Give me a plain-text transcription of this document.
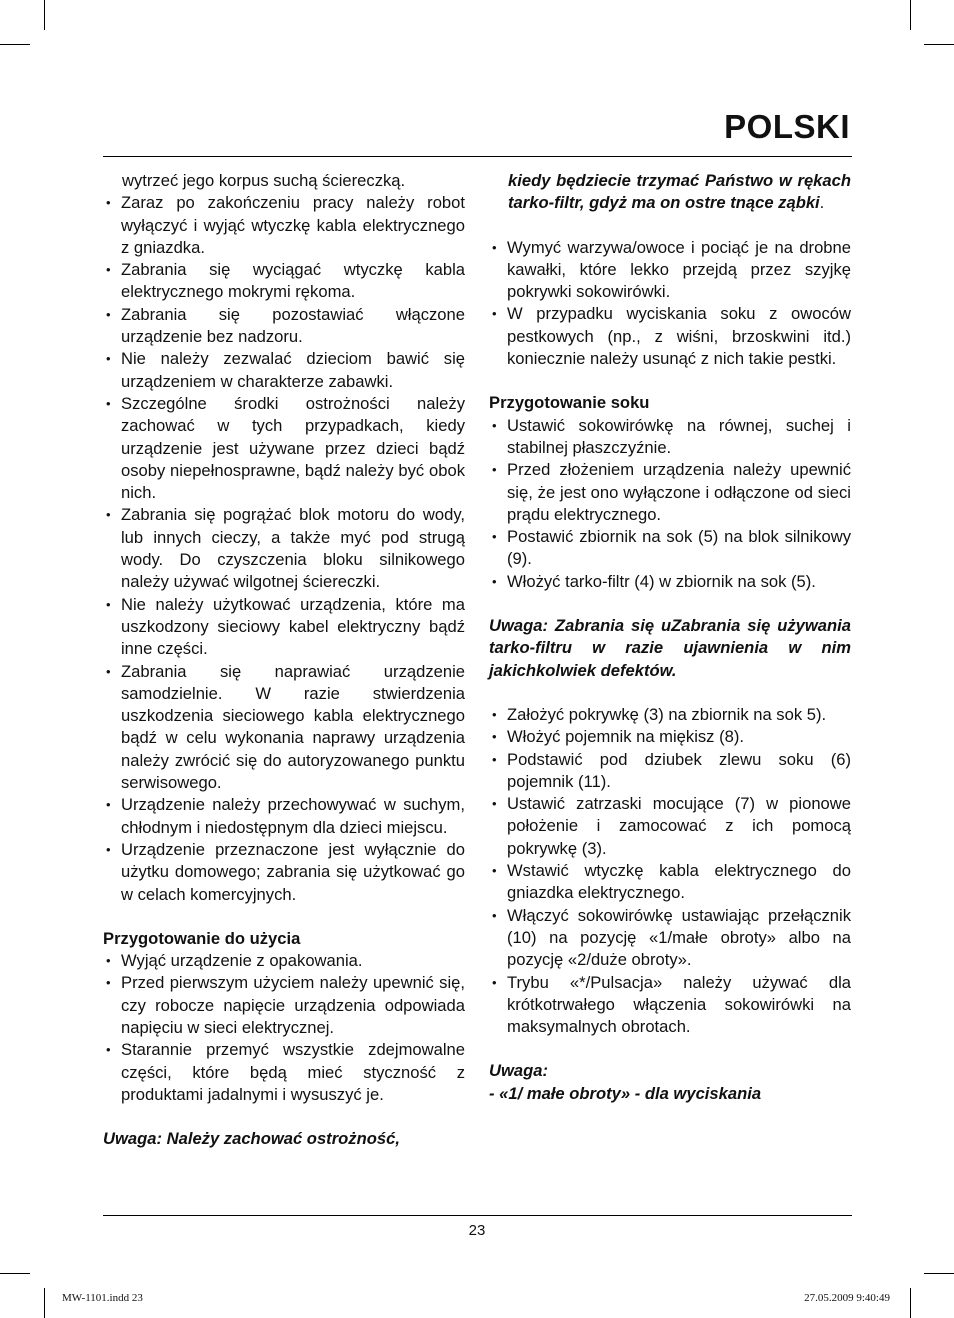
POLSKI

wytrzeć jego korpus suchą ściereczką.

• Zaraz po zakończeniu pracy należy robot wyłączyć i wyjąć wtyczkę kabla elektrycznego z gniazdka.
• Zabrania się wyciągać wtyczkę kabla elektrycznego mokrymi rękoma.
• Zabrania się pozostawiać włączone urządzenie bez nadzoru.
• Nie należy zezwalać dzieciom bawić się urządzeniem w charakterze zabawki.
• Szczególne środki ostrożności należy zachować w tych przypadkach, kiedy urządzenie jest używane przez dzieci bądź osoby niepełnosprawne, bądź należy być obok nich.
• Zabrania się pogrążać blok motoru do wody, lub innych cieczy, a także myć pod strugą wody. Do czyszczenia bloku silnikowego należy używać wilgotnej ściereczki.
• Nie należy użytkować urządzenia, które ma uszkodzony sieciowy kabel elektryczny bądź inne części.
• Zabrania się naprawiać urządzenie samodzielnie. W razie stwierdzenia uszkodzenia sieciowego kabla elektrycznego bądź w celu wykonania naprawy urządzenia należy zwrócić się do autoryzowanego punktu serwisowego.
• Urządzenie należy przechowywać w suchym, chłodnym i niedostępnym dla dzieci miejscu.
• Urządzenie przeznaczone jest wyłącznie do użytku domowego; zabrania się użytkować go w celach komercyjnych.
Przygotowanie do użycia
• Wyjąć urządzenie z opakowania.
• Przed pierwszym użyciem należy upewnić się, czy robocze napięcie urządzenia odpowiada napięciu w sieci elektrycznej.
• Starannie przemyć wszystkie zdejmowalne części, które będą mieć styczność z produktami jadalnymi i wysuszyć je.

Uwaga: Należy zachować ostrożność,

kiedy będziecie trzymać Państwo w rękach tarko-filtr, gdyż ma on ostre tnące ząbki.

• Wymyć warzywa/owoce i pociąć je na drobne kawałki, które lekko przejdą przez szyjkę pokrywki sokowirówki.
• W przypadku wyciskania soku z owoców pestkowych (np., z wiśni, brzoskwini itd.) koniecznie należy usunąć z nich takie pestki.
Przygotowanie soku
• Ustawić sokowirówkę na równej, suchej i stabilnej płaszczyźnie.
• Przed złożeniem urządzenia należy upewnić się, że jest ono wyłączone i odłączone od sieci prądu elektrycznego.
• Postawić zbiornik na sok (5) na blok silnikowy (9).
• Włożyć tarko-filtr (4) w zbiornik na sok (5).

Uwaga: Zabrania się uZabrania się używania tarko-filtru w razie ujawnienia w nim jakichkolwiek defektów.

• Założyć pokrywkę (3) na zbiornik na sok 5).
• Włożyć pojemnik na miękisz (8).
• Podstawić pod dziubek zlewu soku (6) pojemnik (11).
• Ustawić zatrzaski mocujące (7) w pionowe położenie i zamocować z ich pomocą pokrywkę (3).
• Wstawić wtyczkę kabla elektrycznego do gniazdka elektrycznego.
• Włączyć sokowirówkę ustawiając przełącznik (10) na pozycję «1/małe obroty» albo na pozycję «2/duże obroty».
• Trybu «*/Pulsacja» należy używać dla krótkotrwałego włączenia sokowirówki na maksymalnych obrotach.

Uwaga:

- «1/ małe obroty» - dla wyciskania

23
MW-1101.indd 23	27.05.2009 9:40:49
